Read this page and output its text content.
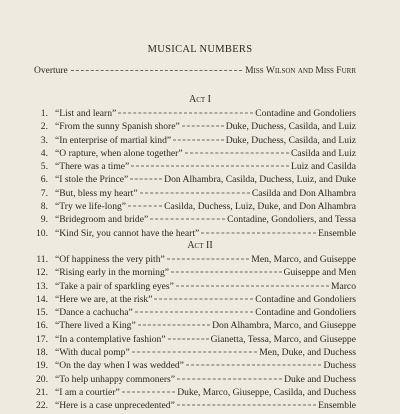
MUSICAL NUMBERS
Overture	Miss Wilson and Miss Furr
Act I
1. “List and learn”	Contadine and Gondoliers
2. “From the sunny Spanish shore”	Duke, Duchess, Casilda, and Luiz
3. “In enterprise of martial kind”	Duke, Duchess, Casilda, and Luiz
4. “O rapture, when alone together”	Casilda and Luiz
5. “There was a time”	Luiz and Casilda
6. “I stole the Prince”	Don Alhambra, Casilda, Duchess, Luiz, and Duke
7. “But, bless my heart”	Casilda and Don Alhambra
8. “Try we life-long”	Casilda, Duchess, Luiz, Duke, and Don Alhambra
9. “Bridegroom and bride”	Contadine, Gondoliers, and Tessa
10. “Kind Sir, you cannot have the heart”	Ensemble
Act II
11. “Of happiness the very pith”	Men, Marco, and Guiseppe
12. “Rising early in the morning”	Guiseppe and Men
13. “Take a pair of sparkling eyes”	Marco
14. “Here we are, at the risk”	Contadine and Gondoliers
15. “Dance a cachucha”	Contadine and Gondoliers
16. “There lived a King”	Don Alhambra, Marco, and Giuseppe
17. “In a contemplative fashion”	Gianetta, Tessa, Marco, and Giuseppe
18. “With ducal pomp”	Men, Duke, and Duchess
19. “On the day when I was wedded”	Duchess
20. “To help unhappy commoners”	Duke and Duchess
21. “I am a courtier”	Duke, Marco, Giuseppe, Casilda, and Duchess
22. “Here is a case unprecedented”	Ensemble
